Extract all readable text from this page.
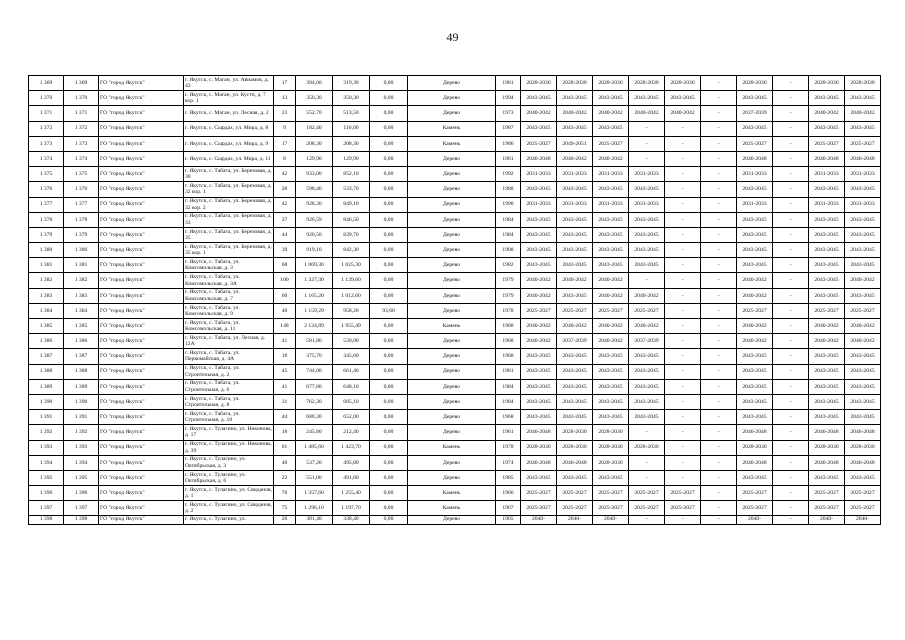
49
1 369	1 369	ГО "город Якутск"	г. Якутск, с. Маган, ул. Авиамов, д. 43	17	394,60	319,30	0,00	Дерево	1981	2028-2030	2028-2030	2028-2030	2028-2030	2028-2030	-	2028-2030	-	2028-2030	2028-2030
1 370	1 370	ГО "город Якутск"	г. Якутск, с. Маган, ул. Кустп, д. 7 кор. 1	13	350,30	350,30	0,00	Дерево	1994	2043-2045	2043-2045	2043-2045	2043-2045	2043-2045	-	2043-2045	-	2043-2045	2043-2045
1 371	1 371	ГО "город Якутск"	г. Якутск, с. Маган, ул. Лесная, д. 2	23	552,70	513,50	0,00	Дерево	1973	2040-2042	2040-2042	2040-2042	2040-2042	2040-2042	-	2037-2039	-	2040-2042	2040-2042
1 372	1 372	ГО "город Якутск"	г. Якутск, с. Сырдах, ул. Мира, д. 8	9	182,40	116,00	0,00	Камень	1987	2043-2045	2043-2045	2043-2045	-	-	-	2043-2045	-	2043-2045	2043-2045
1 373	1 373	ГО "город Якутск"	г. Якутск, с. Сырдах, ул. Мира, д. 9	17	208,30	208,30	0,00	Камень	1986	2025-2027	2049-2051	2025-2027	-	-	-	2025-2027	-	2025-2027	2025-2027
1 374	1 374	ГО "город Якутск"	г. Якутск, с. Сырдах, ул. Мира, д. 11	8	129,90	129,90	0,00	Дерево	1961	2046-2048	2040-2042	2040-2042	-	-	-	2046-2048	-	2046-2048	2046-2048
1 375	1 375	ГО "город Якутск"	г. Якутск, с. Табага, ул. Березовая, д. 30	42	933,00	852,10	0,00	Дерево	1992	2031-2033	2031-2033	2031-2033	2031-2033	-	-	2031-2033	-	2031-2033	2031-2033
1 376	1 376	ГО "город Якутск"	г. Якутск, с. Табага, ул. Березовая, д. 32 кор. 1	26	598,40	533,70	0,00	Дерево	1988	2043-2045	2043-2045	2043-2045	2043-2045	-	-	2043-2045	-	2043-2045	2043-2045
1 377	1 377	ГО "город Якутск"	г. Якутск, с. Табага, ул. Березовая, д. 32 кор. 2	42	928,30	849,10	0,00	Дерево	1990	2031-2033	2031-2033	2031-2033	2031-2033	-	-	2031-2033	-	2031-2033	2031-2033
1 378	1 378	ГО "город Якутск"	г. Якутск, с. Табага, ул. Березовая, д. 33	37	926,59	846,50	0,00	Дерево	1984	2043-2045	2043-2045	2043-2045	2043-2045	-	-	2043-2045	-	2043-2045	2043-2045
1 379	1 379	ГО "город Якутск"	г. Якутск, с. Табага, ул. Березовая, д. 35	44	920,50	839,70	0,00	Дерево	1984	2043-2045	2043-2045	2043-2045	2043-2045	-	-	2043-2045	-	2043-2045	2043-2045
1 380	1 380	ГО "город Якутск"	г. Якутск, с. Табага, ул. Березовая, д. 35 кор. 1	39	919,10	842,30	0,00	Дерево	1988	2043-2045	2043-2045	2043-2045	2043-2045	-	-	2043-2045	-	2043-2045	2043-2045
1 381	1 381	ГО "город Якутск"	г. Якутск, с. Табага, ул. Комсомольская, д. 3	68	1 069,30	1 025,30	0,00	Дерево	1982	2043-2045	2043-2045	2043-2045	2043-2045	-	-	2043-2045	-	2043-2045	2043-2045
1 382	1 382	ГО "город Якутск"	г. Якутск, с. Табага, ул. Комсомольская, д. 3А	100	1 327,30	1 139,60	0,00	Дерево	1979	2040-2042	2040-2042	2040-2042	-	-	-	2040-2042	-	2043-2045	2040-2042
1 383	1 383	ГО "город Якутск"	г. Якутск, с. Табага, ул. Комсомольская, д. 7	60	1 165,20	1 012,60	0,00	Дерево	1979	2040-2042	2043-2045	2040-2042	2040-2042	-	-	2040-2042	-	2043-2045	2043-2045
1 384	1 384	ГО "город Якутск"	г. Якутск, с. Табага, ул. Комсомольская, д. 9	40	1 159,29	958,20	93,60	Дерево	1978	2025-2027	2025-2027	2025-2027	2025-2027	-	-	2025-2027	-	2025-2027	2025-2027
1 385	1 385	ГО "город Якутск"	г. Якутск, с. Табага, ул. Комсомольская, д. 11	148	2 124,89	1 955,49	0,00	Камень	1968	2040-2042	2040-2042	2040-2042	2040-2042	-	-	2040-2042	-	2040-2042	2040-2042
1 386	1 386	ГО "город Якутск"	г. Якутск, с. Табага, ул. Лесная, д. 12А	41	581,80	539,00	0,00	Дерево	1968	2040-2042	2037-2039	2040-2042	2037-2039	-	-	2040-2042	-	2040-2042	2040-2042
1 387	1 387	ГО "город Якутск"	г. Якутск, с. Табага, ул. Первомайская, д. 4А	18	375,70	345,60	0,00	Дерево	1968	2043-2045	2043-2045	2043-2045	2043-2045	-	-	2043-2045	-	2043-2045	2043-2045
1 388	1 388	ГО "город Якутск"	г. Якутск, с. Табага, ул. Строительная, д. 2	45	744,00	661,40	0,00	Дерево	1981	2043-2045	2043-2045	2043-2045	2043-2045	-	-	2043-2045	-	2043-2045	2043-2045
1 389	1 389	ГО "город Якутск"	г. Якутск, с. Табага, ул. Строительная, д. 6	41	677,80	648,10	0,00	Дерево	1984	2043-2045	2043-2045	2043-2045	2043-2045	-	-	2043-2045	-	2043-2045	2043-2045
1 390	1 390	ГО "город Якутск"	г. Якутск, с. Табага, ул. Строительная, д. 8	31	762,30	685,10	0,00	Дерево	1984	2043-2045	2043-2045	2043-2045	2043-2045	-	-	2043-2045	-	2043-2045	2043-2045
1 391	1 391	ГО "город Якутск"	г. Якутск, с. Табага, ул. Строительная, д. 10	44	680,30	652,00	0,00	Дерево	1968	2043-2045	2043-2045	2043-2045	2043-2045	-	-	2043-2045	-	2043-2045	2043-2045
1 392	1 392	ГО "город Якутск"	г. Якутск, с. Тулагино, ул. Никонова, д. 17	18	245,80	212,40	0,00	Дерево	1961	2046-2048	2028-2030	2028-2030	-	-	-	2046-2048	-	2046-2048	2046-2048
1 393	1 393	ГО "город Якутск"	г. Якутск, с. Тулагино, ул. Никонова, д. 39	61	1 485,60	1 423,70	0,00	Камень	1978	2028-2030	2028-2030	2028-2030	2028-2030	-	-	2028-2030	-	2028-2030	2028-2030
1 394	1 394	ГО "город Якутск"	г. Якутск, с. Тулагино, ул. Октябрьская, д. 3	40	537,20	495,80	0,00	Дерево	1974	2046-2048	2046-2048	2028-2030	-	-	-	2046-2048	-	2046-2048	2046-2048
1 395	1 395	ГО "город Якутск"	г. Якутск, с. Тулагино, ул. Октябрьская, д. 6	22	551,00	491,60	0,00	Дерево	1985	2043-2045	2043-2045	2043-2045	-	-	-	2043-2045	-	2043-2045	2043-2045
1 396	1 396	ГО "город Якутск"	г. Якутск, с. Тулагино, ул. Свиданов, д. 1	70	1 357,60	1 255,40	0,00	Камень	1966	2025-2027	2025-2027	2025-2027	2025-2027	2025-2027	-	2025-2027	-	2025-2027	2025-2027
1 397	1 397	ГО "город Якутск"	г. Якутск, с. Тулагино, ул. Свиданов, д. 2	75	1 296,10	1 197,70	0,00	Камень	1967	2025-2027	2025-2027	2025-2027	2025-2027	2025-2027	-	2025-2027	-	2025-2027	2025-2027
1 398	1 398	ГО "город Якутск"	г. Якутск, с. Тулагино, ул.	26	381,40	338,40	0,00	Дерево	1965	2040-	2040-	2040-	-	-	-	2040-	-	2040-	2040-
